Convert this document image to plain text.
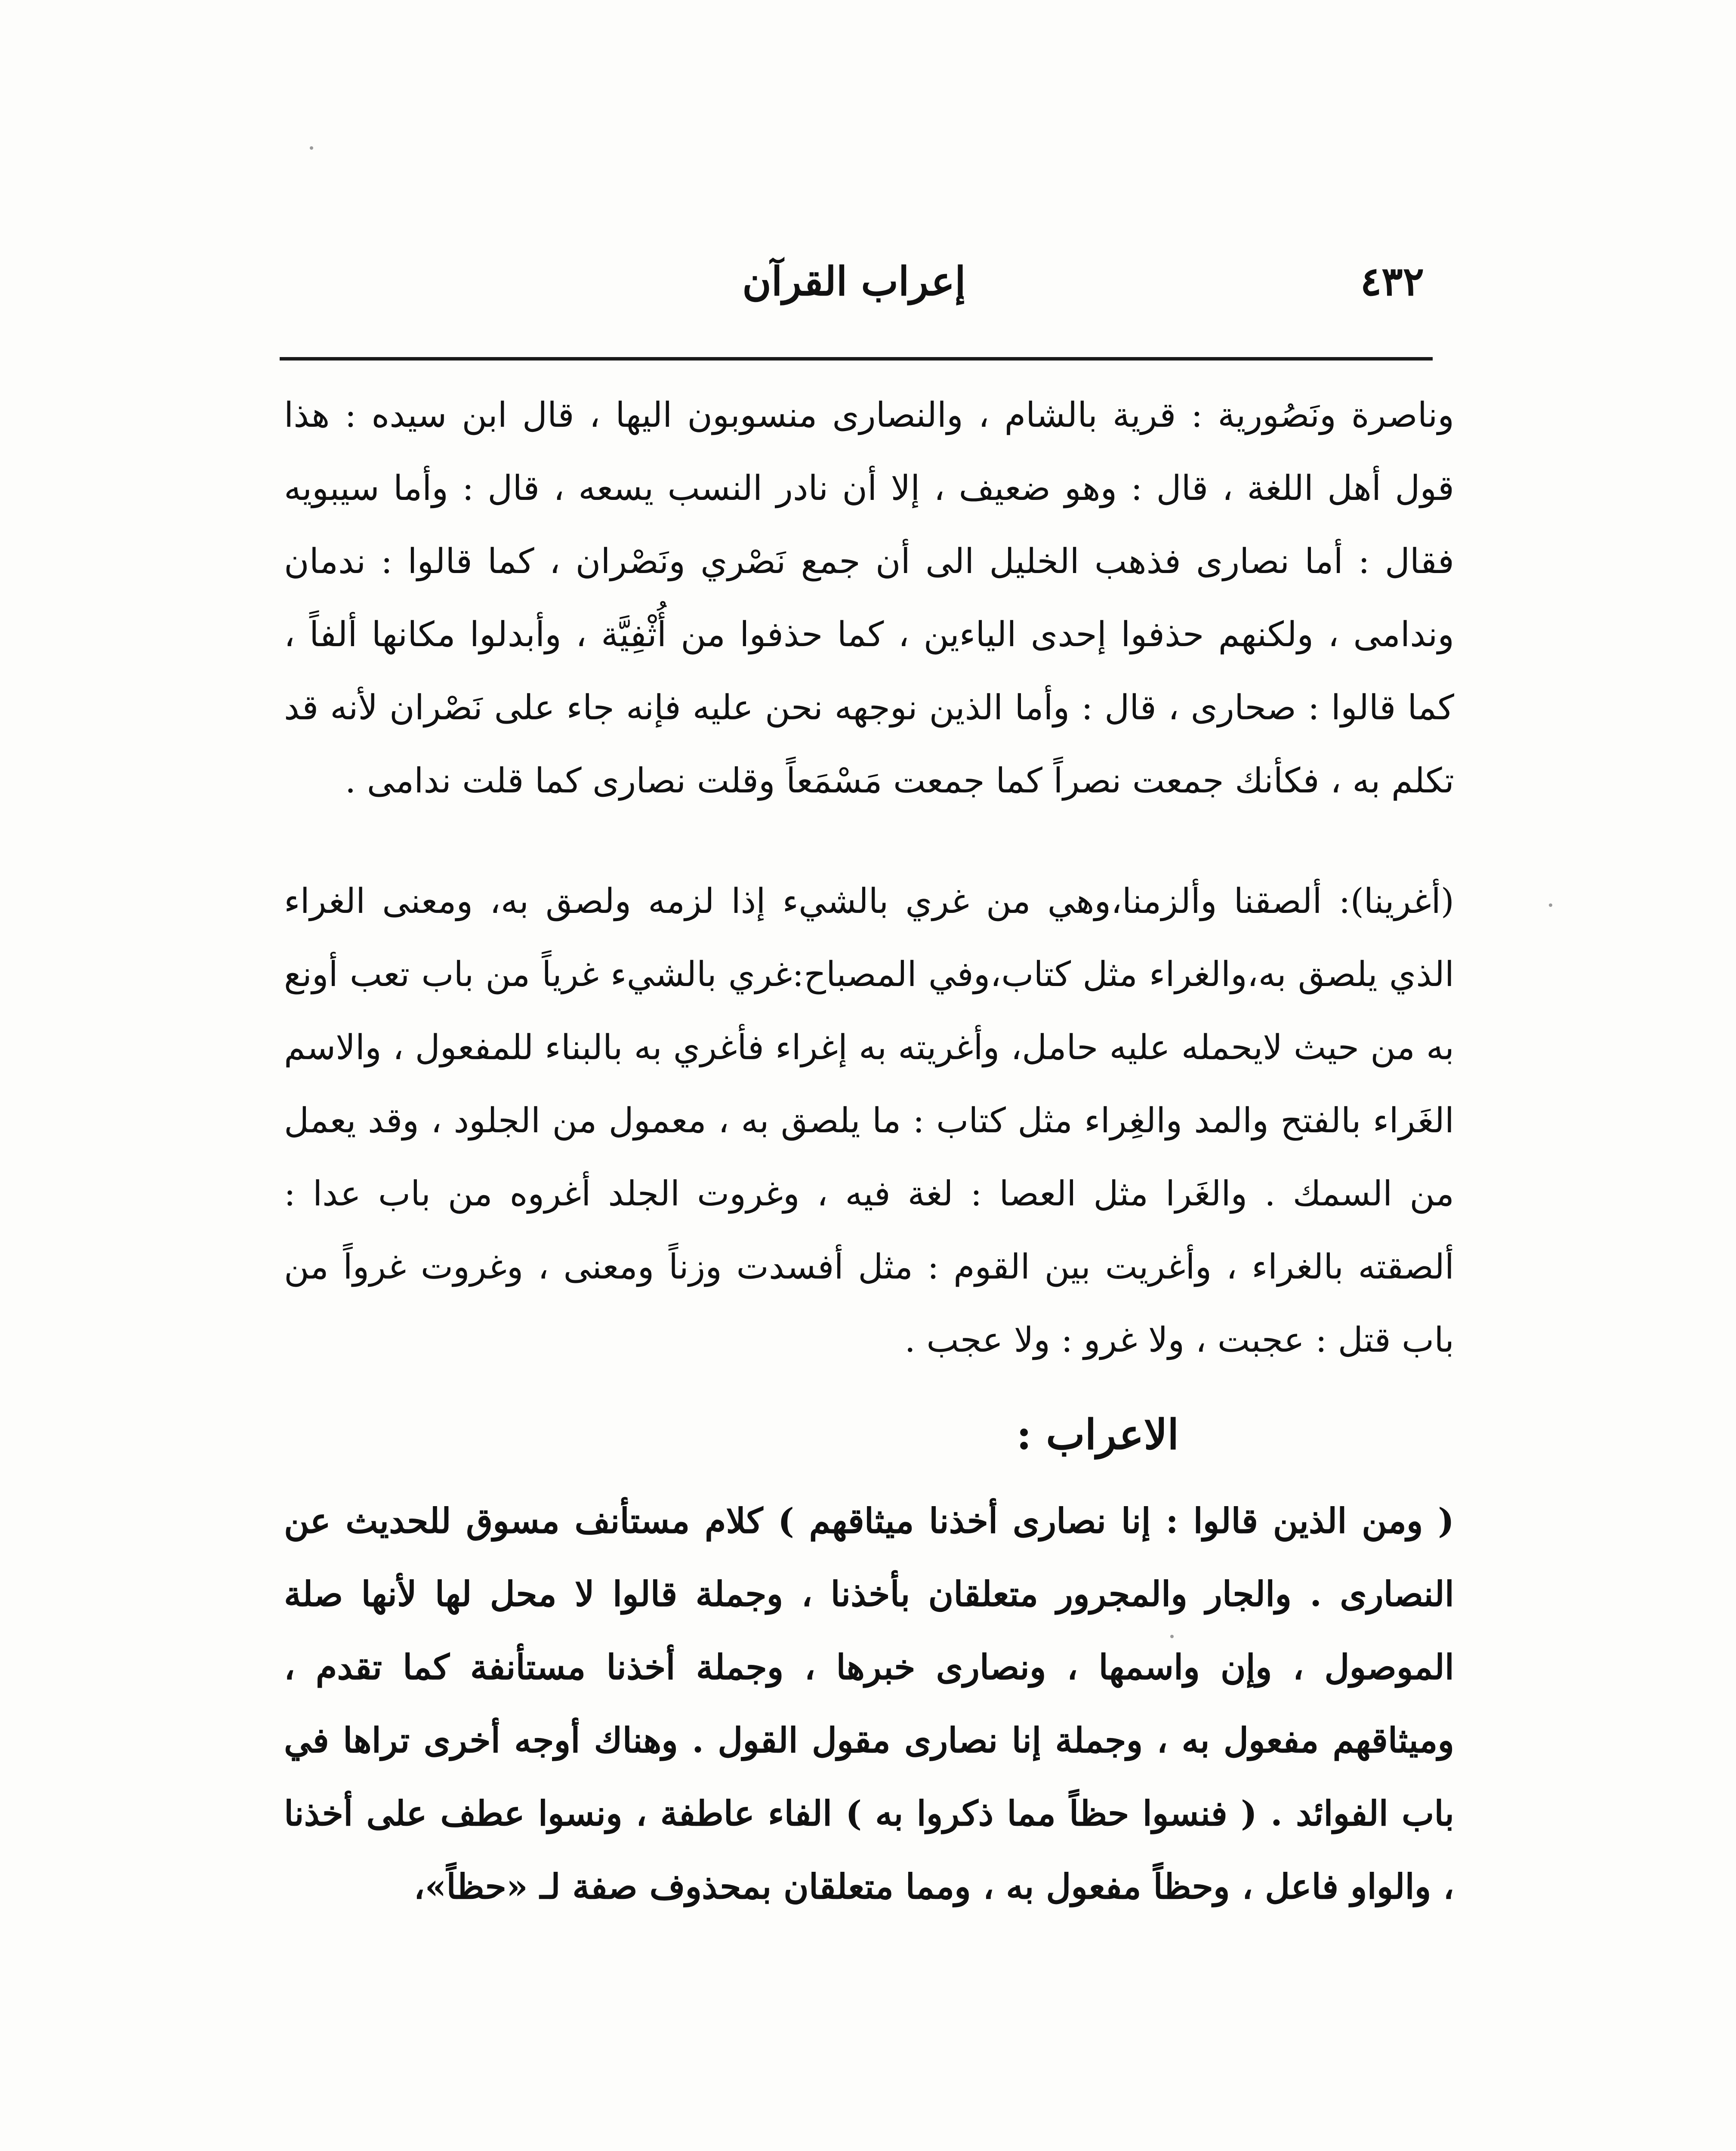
٤٣٢
إعراب القرآن

وناصرة ونَصُورية : قرية بالشام ، والنصارى منسوبون اليها ، قال ابن سيده : هذا قول أهل اللغة ، قال : وهو ضعيف ، إلا أن نادر النسب يسعه ، قال : وأما سيبويه فقال : أما نصارى فذهب الخليل الى أن جمع نَصْري ونَصْران ، كما قالوا : ندمان وندامى ، ولكنهم حذفوا إحدى الياءين ، كما حذفوا من أُثْفِيَّة ، وأبدلوا مكانها ألفاً ، كما قالوا : صحارى ، قال : وأما الذين نوجهه نحن عليه فإنه جاء على نَصْران لأنه قد تكلم به ، فكأنك جمعت نصراً كما جمعت مَسْمَعاً وقلت نصارى كما قلت ندامى .

(أغرينا): ألصقنا وألزمنا،وهي من غري بالشيء إذا لزمه ولصق به، ومعنى الغراء الذي يلصق به،والغراء مثل كتاب،وفي المصباح:غري بالشيء غرياً من باب تعب أونع به من حيث لايحمله عليه حامل، وأغريته به إغراء فأغري به بالبناء للمفعول ، والاسم الغَراء بالفتح والمد والغِراء مثل كتاب : ما يلصق به ، معمول من الجلود ، وقد يعمل من السمك . والغَرا مثل العصا : لغة فيه ، وغروت الجلد أغروه من باب عدا : ألصقته بالغراء ، وأغريت بين القوم : مثل أفسدت وزناً ومعنى ، وغروت غرواً من باب قتل : عجبت ، ولا غرو : ولا عجب .

الاعراب :

( ومن الذين قالوا : إنا نصارى أخذنا ميثاقهم ) كلام مستأنف مسوق للحديث عن النصارى . والجار والمجرور متعلقان بأخذنا ، وجملة قالوا لا محل لها لأنها صلة الموصول ، وإن واسمها ، ونصارى خبرها ، وجملة أخذنا مستأنفة كما تقدم ، وميثاقهم مفعول به ، وجملة إنا نصارى مقول القول . وهناك أوجه أخرى تراها في باب الفوائد . ( فنسوا حظاً مما ذكروا به ) الفاء عاطفة ، ونسوا عطف على أخذنا ، والواو فاعل ، وحظاً مفعول به ، ومما متعلقان بمحذوف صفة لـ «حظاً»،
